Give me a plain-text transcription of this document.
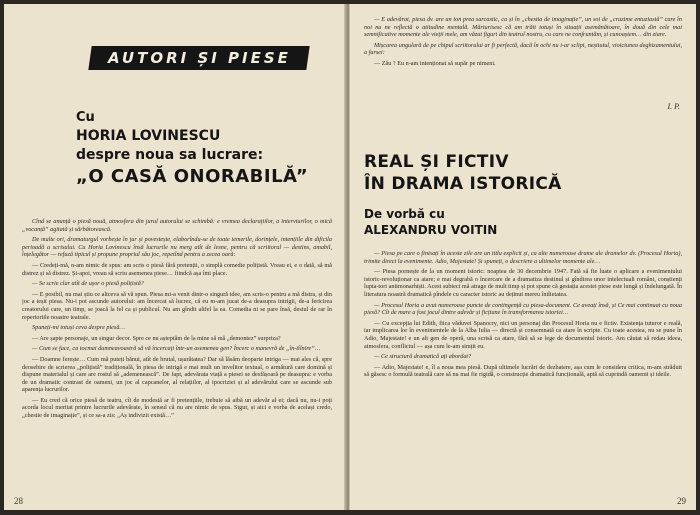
AUTORI ȘI PIESE
Cu
HORIA LOVINESCU
despre noua sa lucrare:
„O CASĂ ONORABILĂ”

Cînd se anunță o piesă nouă, atmosfera din jurul autorului se schimbă: e vremea declarațiilor, a interviurilor, o mică „vocanță” agitată și sărbătorească.

De multe ori, dramaturgul vorbește în jur și povestește, elaborîndu-se de toate temerile, dorințele, intențiile din dificila perioadă a scrisului. Cu Horia Lovinescu însă lucrurile nu merg atît de lesne, pentru că scriitorul — destins, amabil, înțelegător — refuză tipicul și propune propriul său joc, repetînd pentru a zecea oară:

— Credeți-mă, n-am nimic de spus: am scris o piesă fără pretenții, o simplă comedie polițistă. Vreau ei, e o dată, să mă distrez și să distrez. Și-apoi, vreau să scriu asemenea piese… fiindcă așa îmi place.

— Se scrie clar atît de ușor o piesă polițistă?

— E posibil, nu mai știu ce altceva să vă spun. Piesa mi-a venit dintr-o singură idee, am scris-o pentru a mă distra, și din joc a ieșit piesa. Nu-i pot ascunde autorului: am încercat să lucrez, că eu m-am jucat de-a deasupra intrigii, de-a fericirea creatorului care, un timp, se joacă la fel ca și publicul. Nu am gîndit altfel la ea. Comedia ni se pare însă, destul de rar în repertoriile noastre teatrale.

Spuneți-mi totuși ceva despre piesă…

— Are șapte personaje, un singur decor. Spre ce nu așteptăm de la mine să mă „demontez” surpriza?

— Cum se face, ca tocmai dumneavoastră să vă încercați într-un asemenea gen? Încerc o manevră de „în-tîlnire”…

— Doamne ferește… Cum mă puteți bănui, atît de brutal, ușurătatea? Dar să lăsăm deoparte intriga — mai ales că, spre deosebire de scrierea „polițistă” tradițională, în piesa de intrigă e mai mult un invelitor textual, o armătură care domină și dispune materialul și care are rostul să „ademenească”. De fapt, adevărata viață a piesei se desfășoară pe deasupra: e vorba de un dramatic contrast de oameni, un joc al capcanelor, al relațiilor, al ipocriziei și al adevărului care se ascunde sub aparența lucrurilor.

— Eu cred că orice piesă de teatru, cît de modestă ar fi pretențiile, trebuie să aibă un adevăr al ei; dacă nu, nu-i poți acorda locul meritat printre lucrurile adevărate, în sensul că nu are nimic de spus. Sigur, și aici e vorba de același credo, „chestie de imaginație”, și ce sa-a zis: „Aș indivizii există…”

28

— E adevărat, piesa dv. are un ton prea sarcastic, ca și în „chestia de imaginație”, un soi de „cruzime entuziastă” care în noi nu ne reflectă o atitudine mentală. Mărturisesc că am trăit totuși în situații asemănătoare, în două din cele mai semnificative momente ale vieții mele, am văzut figuri din teatrul nostru, cu care ne confruntăm, și cunoaștem… din ziare.

Mișcarea ungulară de pe chipul scriitorului ar fi perfectă, dacă în ochi nu i-ar sclipi, neștiutul, vioiciunea deghizamentului, a farsei:

— Zău ? Eu n-am intenționat să supăr pe nimeni.

I. P.
REAL ȘI FICTIV
ÎN DRAMA ISTORICĂ
De vorbă cu
ALEXANDRU VOITIN

— Piesa pe care o finisați în aceste zile are un titlu explicit și, ca alte numeroase drame ale dramelor dv. (Procesul Horia), trimite direct la evenimente. Adio, Majestate! Și spuneți, o descriere a ultimelor momente ale…

— Piesa pornește de la un moment istoric: noaptea de 30 decembrie 1947. Fată să fie luate o aplicare a evenimentului istoric-revoluționar ca atare; e mai degrabă o încercare de a dramatiza destinul și gîndirea unor intelectuali români, conștienți lupta-tori antimonarhiști. Acest subiect mă atrage de mult timp și pot spune că gestația acestei piese este lungă și îndelungată. În literatura noastră dramatică pîndele cu caracter istoric au deținut mereu întîietatea.

— Procesul Horia a avut numeroase puncte de contingență cu piesa-document. Ce aveați însă, și Ce mai continuat cu noua piesă? Cît de mare a fost jocul dintre adevăr și ficțiune în transformarea istoriei…

— Cu excepția lui Edith, fiica văduvei Spanocry, nici un personaj din Procesul Horia nu e fictiv. Existența tuturor e reală, iar implicarea lor în evenimentele de la Alba Iulia — directă și consemnată ca atare în scripte. Cu toate acestea, nu se pune în Adio, Majestate! e un alt gen de operă, una scrisă ca atare, fără să se lege de documentul istoric. Am căutat să redau ideea, atmosfera, conflictul — așa cum le-am simțit eu.

— Ce structură dramatică ați abordat?

— Adio, Majestate! e, îl a noua mea piesă. După ultimele lucrări de dezbatere, așa cum le considera critica, m-am străduit să găsesc o formulă teatrală care să nu mai fie rigidă, o construcție dramatică funcțională, aptă să cuprindă oamenii și ideile.

29
